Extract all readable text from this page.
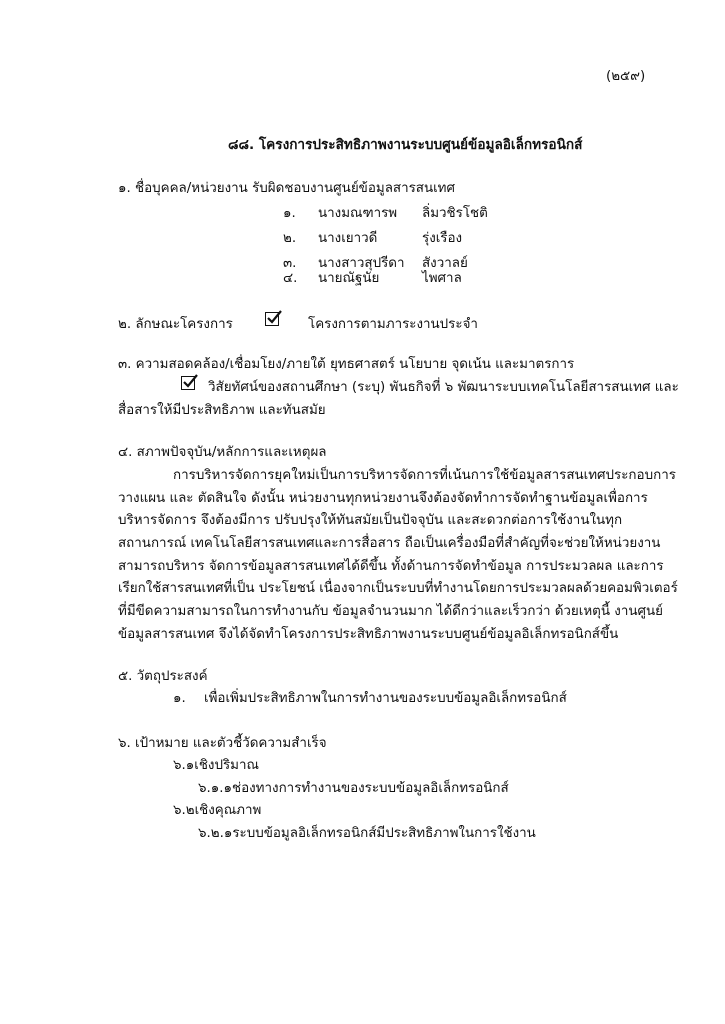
(๒๕๙)
๘๘. โครงการประสิทธิภาพงานระบบศูนย์ข้อมูลอิเล็กทรอนิกส์
๑. ชื่อบุคคล/หน่วยงาน รับผิดชอบงานศูนย์ข้อมูลสารสนเทศ
๑. นางมณฑารพ ลิ่มวชิรโชติ
๒. นางเยาวดี	รุ่งเรือง
๓. นางสาวสุปรีดา สังวาลย์
๔. นายณัฐนัย	ไพศาล
๒. ลักษณะโครงการ	โครงการตามภาระงานประจำ
๓. ความสอดคล้อง/เชื่อมโยง/ภายใต้ ยุทธศาสตร์ นโยบาย จุดเน้น และมาตรการ
วิสัยทัศน์ของสถานศึกษา (ระบุ) พันธกิจที่ ๖ พัฒนาระบบเทคโนโลยีสารสนเทศ และ
สื่อสารให้มีประสิทธิภาพ และทันสมัย
๔. สภาพปัจจุบัน/หลักการและเหตุผล
การบริหารจัดการยุคใหม่เป็นการบริหารจัดการที่เน้นการใช้ข้อมูลสารสนเทศประกอบการ
วางแผน และ ตัดสินใจ ดังนั้น หน่วยงานทุกหน่วยงานจึงต้องจัดทำการจัดทำฐานข้อมูลเพื่อการ
บริหารจัดการ จึงต้องมีการ ปรับปรุงให้ทันสมัยเป็นปัจจุบัน และสะดวกต่อการใช้งานในทุก
สถานการณ์ เทคโนโลยีสารสนเทศและการสื่อสาร ถือเป็นเครื่องมือที่สำคัญที่จะช่วยให้หน่วยงาน
สามารถบริหาร จัดการข้อมูลสารสนเทศได้ดีขึ้น ทั้งด้านการจัดทำข้อมูล การประมวลผล และการ
เรียกใช้สารสนเทศที่เป็น ประโยชน์ เนื่องจากเป็นระบบที่ทำงานโดยการประมวลผลด้วยคอมพิวเตอร์
ที่มีขีดความสามารถในการทำงานกับ ข้อมูลจำนวนมาก ได้ดีกว่าและเร็วกว่า ด้วยเหตุนี้ งานศูนย์
ข้อมูลสารสนเทศ จึงได้จัดทำโครงการประสิทธิภาพงานระบบศูนย์ข้อมูลอิเล็กทรอนิกส์ขึ้น
๕. วัตถุประสงค์
๑. เพื่อเพิ่มประสิทธิภาพในการทำงานของระบบข้อมูลอิเล็กทรอนิกส์
๖. เป้าหมาย และตัวชี้วัดความสำเร็จ
๖.๑เชิงปริมาณ
๖.๑.๑ช่องทางการทำงานของระบบข้อมูลอิเล็กทรอนิกส์
๖.๒เชิงคุณภาพ
๖.๒.๑ระบบข้อมูลอิเล็กทรอนิกส์มีประสิทธิภาพในการใช้งาน
